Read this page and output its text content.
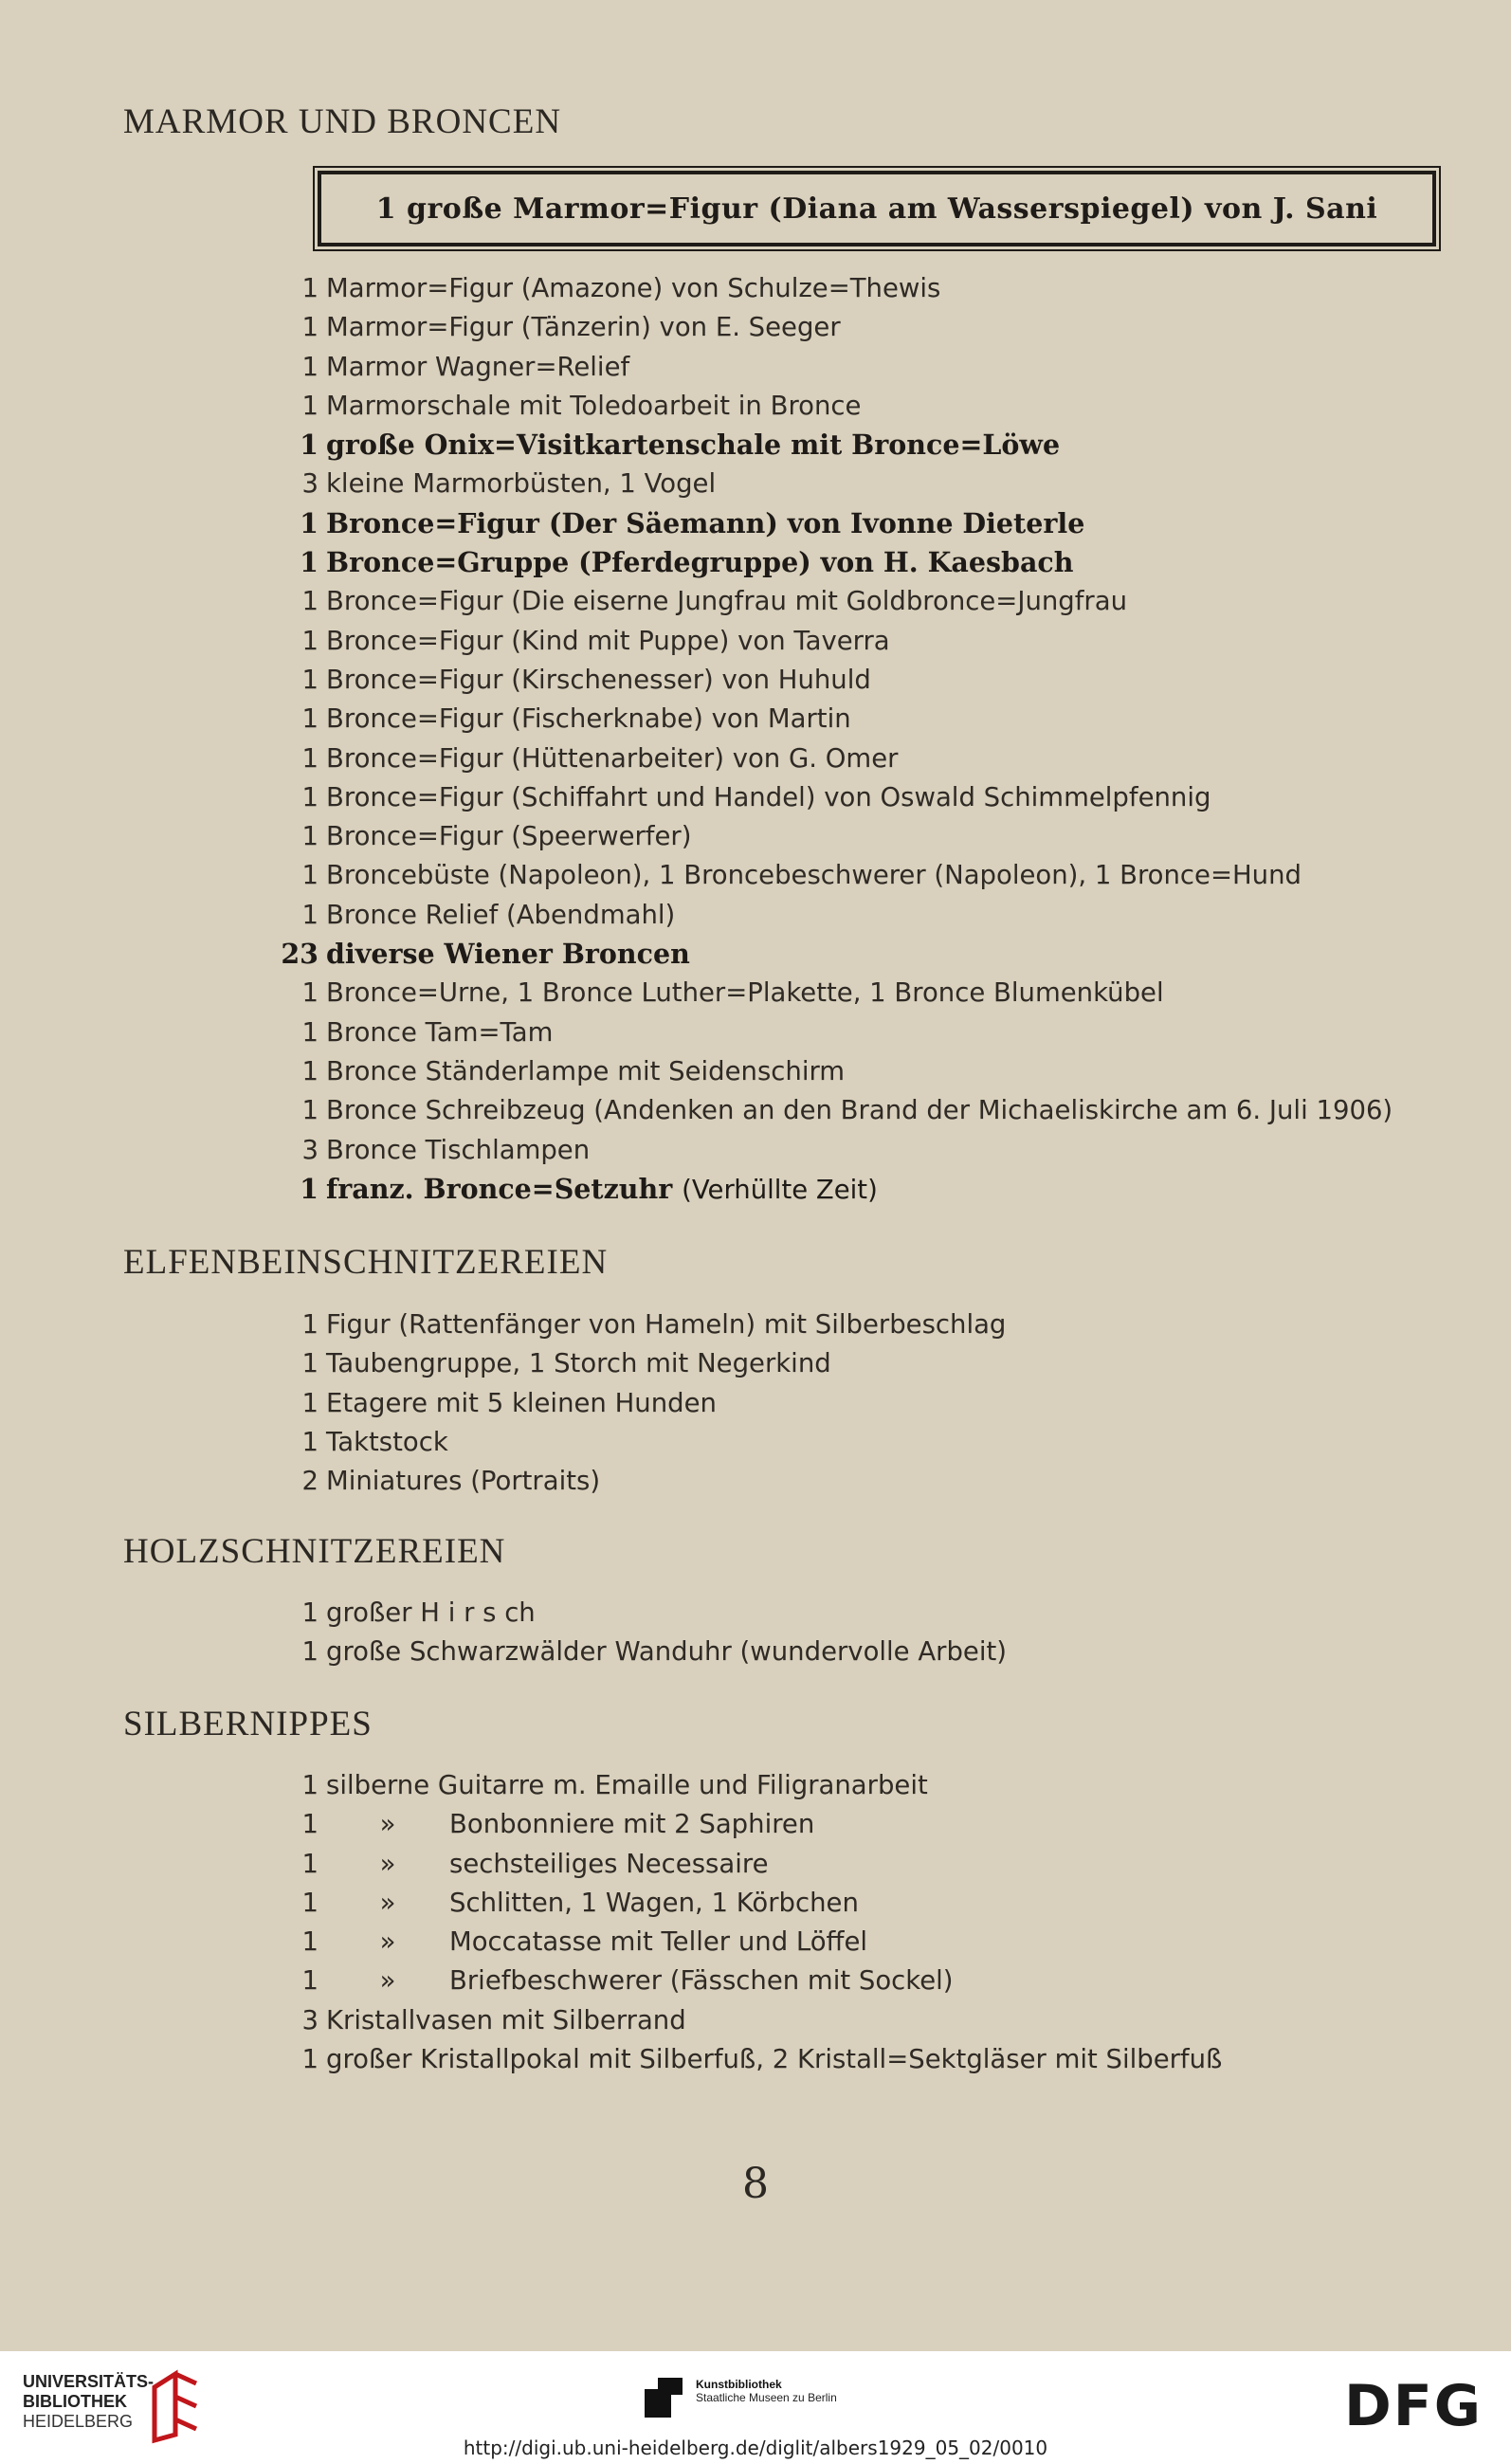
MARMOR UND BRONCEN
1 große Marmor=Figur (Diana am Wasserspiegel) von J. Sani
1 Marmor=Figur (Amazone) von Schulze=Thewis
1 Marmor=Figur (Tänzerin) von E. Seeger
1 Marmor Wagner=Relief
1 Marmorschale mit Toledoarbeit in Bronce
1 große Onix=Visitkartenschale mit Bronce=Löwe
3 kleine Marmorbüsten, 1 Vogel
1 Bronce=Figur (Der Säemann) von Ivonne Dieterle
1 Bronce=Gruppe (Pferdegruppe) von H. Kaesbach
1 Bronce=Figur (Die eiserne Jungfrau mit Goldbronce=Jungfrau
1 Bronce=Figur (Kind mit Puppe) von Taverra
1 Bronce=Figur (Kirschenesser) von Huhuld
1 Bronce=Figur (Fischerknabe) von Martin
1 Bronce=Figur (Hüttenarbeiter) von G. Omer
1 Bronce=Figur (Schiffahrt und Handel) von Oswald Schimmelpfennig
1 Bronce=Figur (Speerwerfer)
1 Broncebüste (Napoleon), 1 Broncebeschwerer (Napoleon), 1 Bronce=Hund
1 Bronce Relief (Abendmahl)
23 diverse Wiener Broncen
1 Bronce=Urne, 1 Bronce Luther=Plakette, 1 Bronce Blumenkübel
1 Bronce Tam=Tam
1 Bronce Ständerlampe mit Seidenschirm
1 Bronce Schreibzeug (Andenken an den Brand der Michaeliskirche am 6. Juli 1906)
3 Bronce Tischlampen
1 franz. Bronce=Setzuhr (Verhüllte Zeit)
ELFENBEINSCHNITZEREIEN
1 Figur (Rattenfänger von Hameln) mit Silberbeschlag
1 Taubengruppe, 1 Storch mit Negerkind
1 Etagere mit 5 kleinen Hunden
1 Taktstock
2 Miniatures (Portraits)
HOLZSCHNITZEREIEN
1 großer H i r s ch
1 große Schwarzwälder Wanduhr (wundervolle Arbeit)
SILBERNIPPES
1 silberne Guitarre m. Emaille und Filigranarbeit
1 » Bonbonniere mit 2 Saphiren
1 » sechsteiliges Necessaire
1 » Schlitten, 1 Wagen, 1 Körbchen
1 » Moccatasse mit Teller und Löffel
1 » Briefbeschwerer (Fässchen mit Sockel)
3 Kristallvasen mit Silberrand
1 großer Kristallpokal mit Silberfuß, 2 Kristall=Sektgläser mit Silberfuß
8
UNIVERSITÄTS-
BIBLIOTHEK
HEIDELBERG
Kunstbibliothek
Staatliche Museen zu Berlin	DFG
http://digi.ub.uni-heidelberg.de/diglit/albers1929_05_02/0010
